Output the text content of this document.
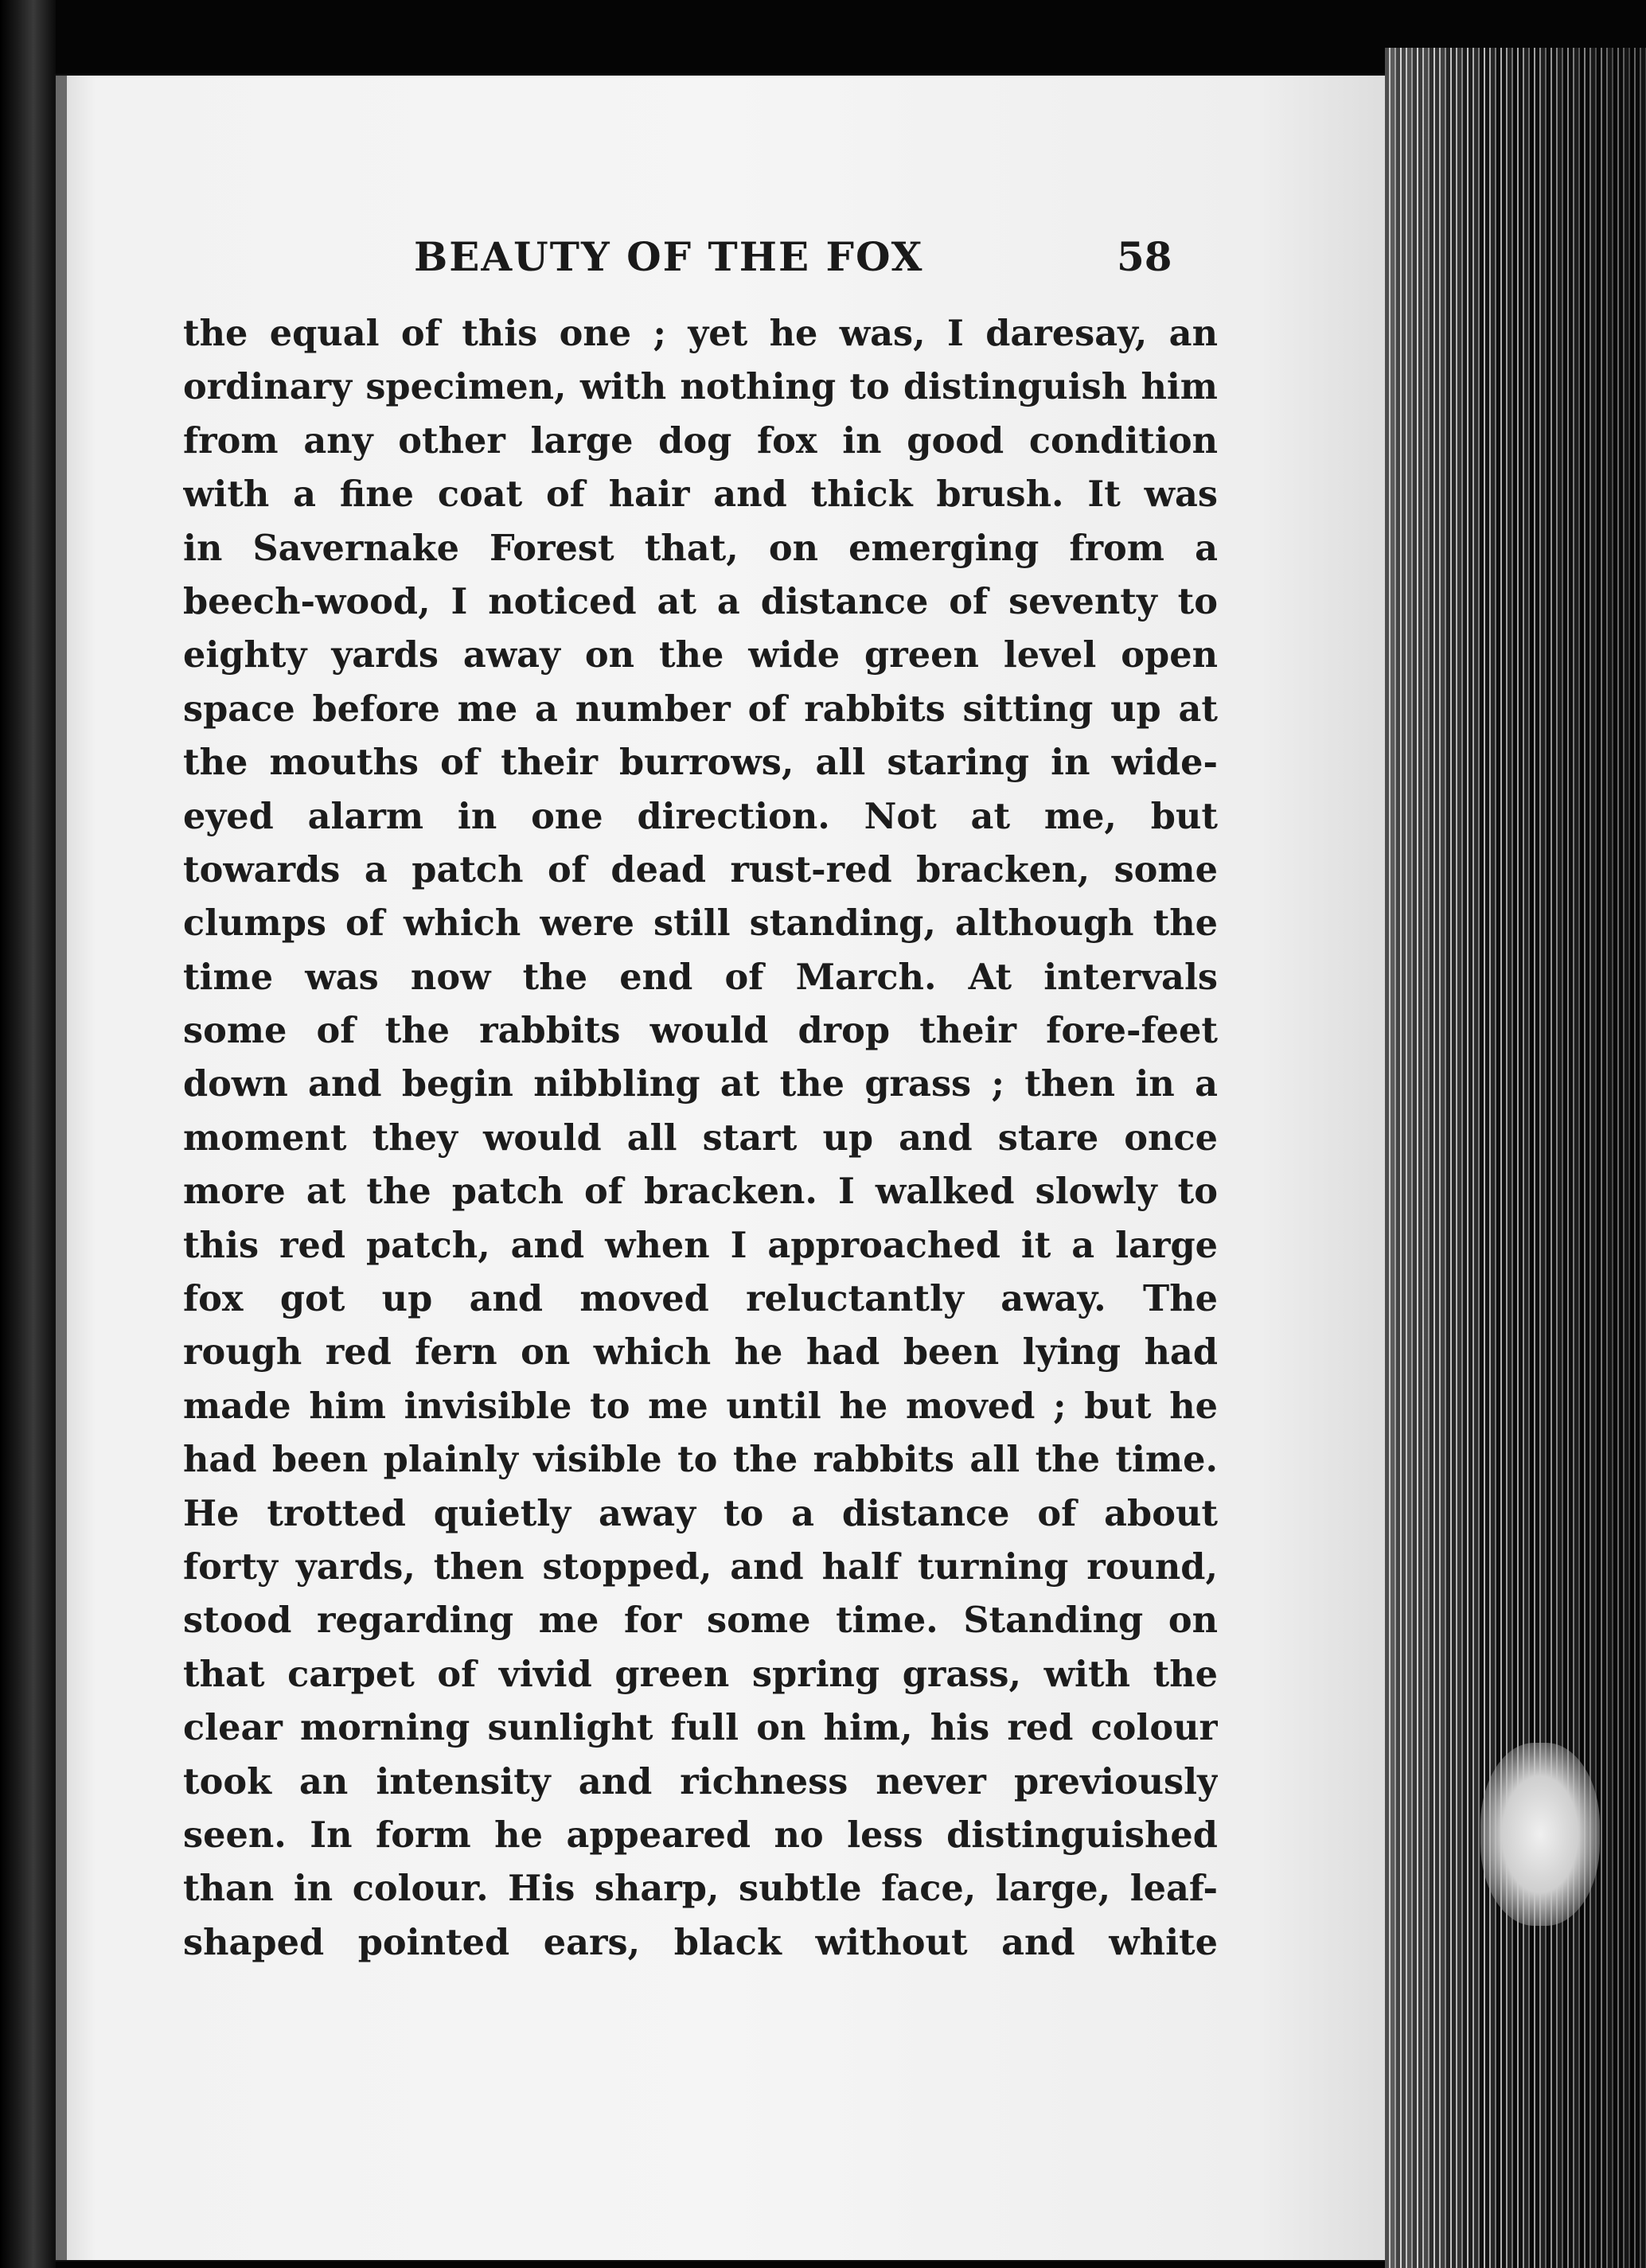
BEAUTY OF THE FOX	58
the equal of this one ; yet he was, I daresay, an
ordinary specimen, with nothing to distinguish him
from any other large dog fox in good condition
with a fine coat of hair and thick brush. It was
in Savernake Forest that, on emerging from a
beech-wood, I noticed at a distance of seventy to
eighty yards away on the wide green level open
space before me a number of rabbits sitting up at
the mouths of their burrows, all staring in wide-
eyed alarm in one direction. Not at me, but
towards a patch of dead rust-red bracken, some
clumps of which were still standing, although the
time was now the end of March. At intervals
some of the rabbits would drop their fore-feet
down and begin nibbling at the grass ; then in a
moment they would all start up and stare once
more at the patch of bracken. I walked slowly to
this red patch, and when I approached it a large
fox got up and moved reluctantly away. The
rough red fern on which he had been lying had
made him invisible to me until he moved ; but he
had been plainly visible to the rabbits all the time.
He trotted quietly away to a distance of about
forty yards, then stopped, and half turning round,
stood regarding me for some time. Standing on
that carpet of vivid green spring grass, with the
clear morning sunlight full on him, his red colour
took an intensity and richness never previously
seen. In form he appeared no less distinguished
than in colour. His sharp, subtle face, large, leaf-
shaped pointed ears, black without and white
